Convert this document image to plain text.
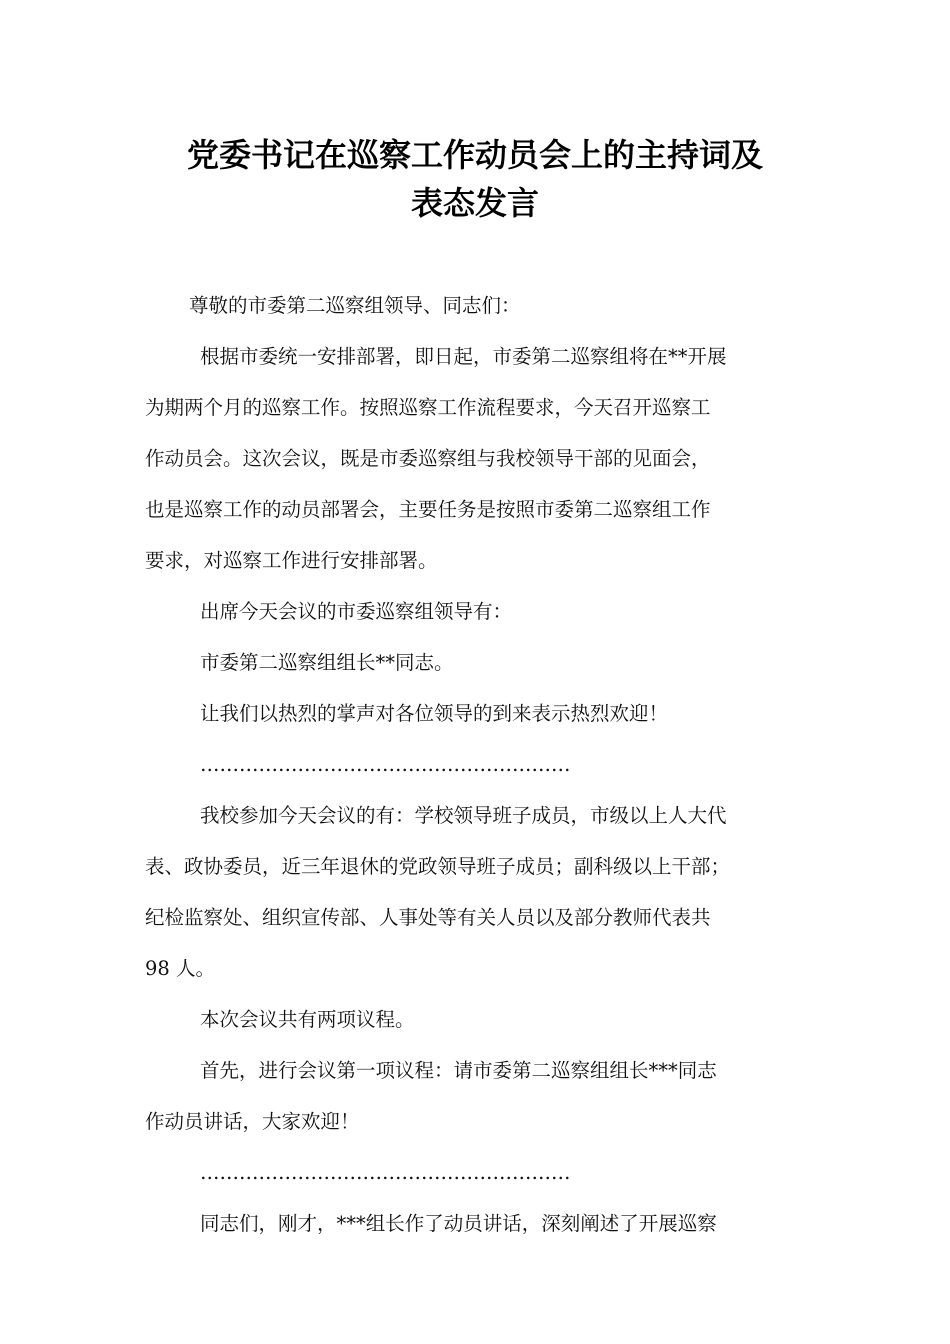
党委书记在巡察工作动员会上的主持词及
表态发言
尊敬的市委第二巡察组领导、同志们：
根据市委统一安排部署，即日起，市委第二巡察组将在**开展
为期两个月的巡察工作。按照巡察工作流程要求，今天召开巡察工
作动员会。这次会议，既是市委巡察组与我校领导干部的见面会，
也是巡察工作的动员部署会，主要任务是按照市委第二巡察组工作
要求，对巡察工作进行安排部署。
出席今天会议的市委巡察组领导有：
市委第二巡察组组长**同志。
让我们以热烈的掌声对各位领导的到来表示热烈欢迎！
…………………………………………………
我校参加今天会议的有：学校领导班子成员，市级以上人大代
表、政协委员，近三年退休的党政领导班子成员；副科级以上干部；
纪检监察处、组织宣传部、人事处等有关人员以及部分教师代表共
98 人。
本次会议共有两项议程。
首先，进行会议第一项议程：请市委第二巡察组组长***同志
作动员讲话，大家欢迎！
…………………………………………………
同志们，刚才，***组长作了动员讲话，深刻阐述了开展巡察
